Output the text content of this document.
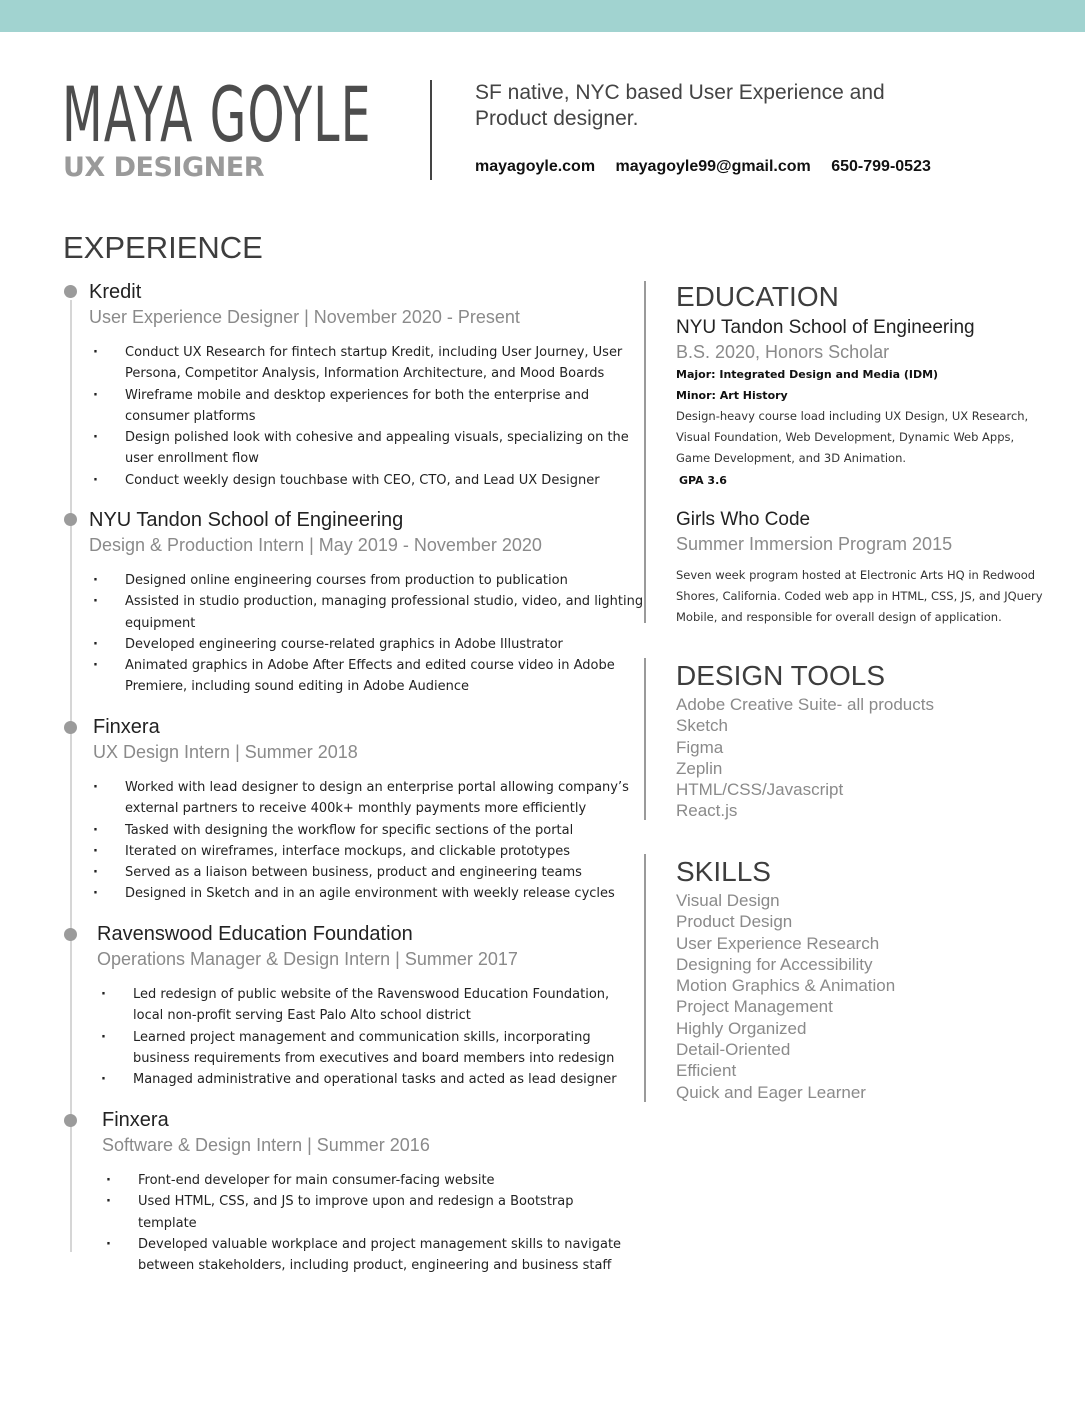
MAYA GOYLE
UX DESIGNER
SF native, NYC based User Experience and Product designer.
mayagoyle.com mayagoyle99@gmail.com 650-799-0523
EXPERIENCE
Kredit
User Experience Designer | November 2020 - Present
· Conduct UX Research for fintech startup Kredit, including User Journey, User Persona, Competitor Analysis, Information Architecture, and Mood Boards
· Wireframe mobile and desktop experiences for both the enterprise and consumer platforms
· Design polished look with cohesive and appealing visuals, specializing on the user enrollment flow
· Conduct weekly design touchbase with CEO, CTO, and Lead UX Designer
NYU Tandon School of Engineering
Design & Production Intern | May 2019 - November 2020
· Designed online engineering courses from production to publication
· Assisted in studio production, managing professional studio, video, and lighting equipment
· Developed engineering course-related graphics in Adobe Illustrator
· Animated graphics in Adobe After Effects and edited course video in Adobe Premiere, including sound editing in Adobe Audience
Finxera
UX Design Intern | Summer 2018
· Worked with lead designer to design an enterprise portal allowing company’s external partners to receive 400k+ monthly payments more efficiently
· Tasked with designing the workflow for specific sections of the portal
· Iterated on wireframes, interface mockups, and clickable prototypes
· Served as a liaison between business, product and engineering teams
· Designed in Sketch and in an agile environment with weekly release cycles
Ravenswood Education Foundation
Operations Manager & Design Intern | Summer 2017
· Led redesign of public website of the Ravenswood Education Foundation, local non-profit serving East Palo Alto school district
· Learned project management and communication skills, incorporating business requirements from executives and board members into redesign
· Managed administrative and operational tasks and acted as lead designer
Finxera
Software & Design Intern | Summer 2016
· Front-end developer for main consumer-facing website
· Used HTML, CSS, and JS to improve upon and redesign a Bootstrap template
· Developed valuable workplace and project management skills to navigate between stakeholders, including product, engineering and business staff
EDUCATION
NYU Tandon School of Engineering
B.S. 2020, Honors Scholar
Major: Integrated Design and Media (IDM)
Minor: Art History
Design-heavy course load including UX Design, UX Research, Visual Foundation, Web Development, Dynamic Web Apps, Game Development, and 3D Animation.
GPA 3.6
Girls Who Code
Summer Immersion Program 2015
Seven week program hosted at Electronic Arts HQ in Redwood Shores, California. Coded web app in HTML, CSS, JS, and JQuery Mobile, and responsible for overall design of application.
DESIGN TOOLS
Adobe Creative Suite- all products
Sketch
Figma
Zeplin
HTML/CSS/Javascript
React.js
SKILLS
Visual Design
Product Design
User Experience Research
Designing for Accessibility
Motion Graphics & Animation
Project Management
Highly Organized
Detail-Oriented
Efficient
Quick and Eager Learner
